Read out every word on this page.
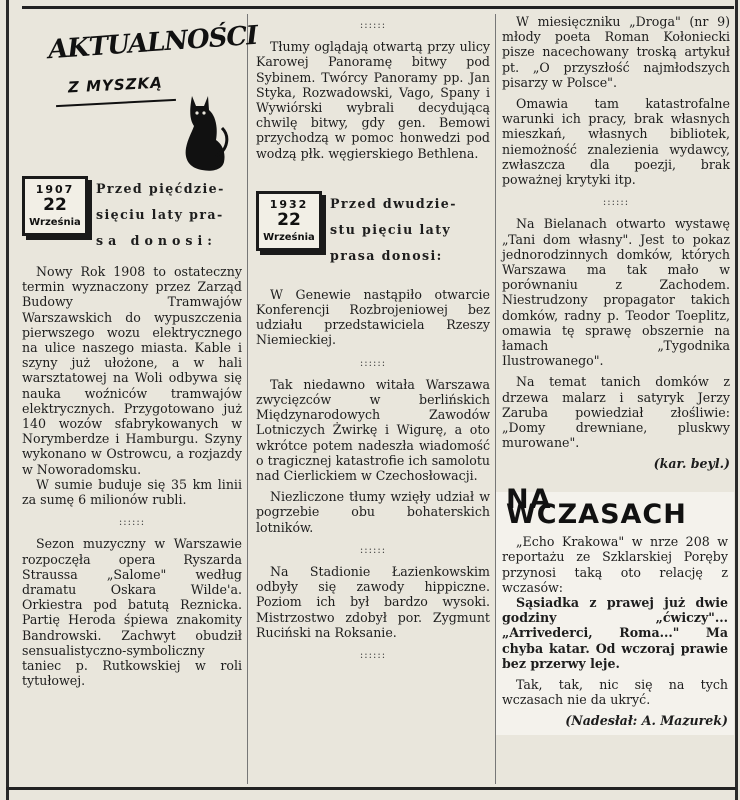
AKTUALNOŚCI
Z MYSZKĄ
1907
22
Września
Przed pięćdzie-
sięciu laty pra-
sa donosi:

Nowy Rok 1908 to ostateczny termin wyznaczony przez Zarząd Budowy Tramwajów Warszawskich do wypuszczenia pierwszego wozu elektrycznego na ulice naszego miasta. Kable i szyny już ułożone, a w hali warsztatowej na Woli odbywa się nauka woźniców tramwajów elektrycznych. Przygotowano już 140 wozów sfabrykowanych w Norymberdze i Hamburgu. Szyny wykonano w Ostrowcu, a rozjazdy w Noworadomsku.

W sumie buduje się 35 km linii za sumę 6 milionów rubli.

::::::

Sezon muzyczny w Warszawie rozpoczęła opera Ryszarda Straussa „Salome" według dramatu Oskara Wilde'a. Orkiestra pod batutą Reznicka. Partię Heroda śpiewa znakomity Bandrowski. Zachwyt obudził sensualistyczno-symboliczny taniec p. Rutkowskiej w roli tytułowej.

::::::

Tłumy oglądają otwartą przy ulicy Karowej Panoramę bitwy pod Sybinem. Twórcy Panoramy pp. Jan Styka, Rozwadowski, Vago, Spany i Wywiórski wybrali decydującą chwilę bitwy, gdy gen. Bemowi przychodzą w pomoc honwedzi pod wodzą płk. węgierskiego Bethlena.

1932
22
Września
Przed dwudzie-
stu pięciu laty
prasa donosi:

W Genewie nastąpiło otwarcie Konferencji Rozbrojeniowej bez udziału przedstawiciela Rzeszy Niemieckiej.

::::::

Tak niedawno witała Warszawa zwycięzców w berlińskich Międzynarodowych Zawodów Lotniczych Żwirkę i Wigurę, a oto wkrótce potem nadeszła wiadomość o tragicznej katastrofie ich samolotu nad Cierlickiem w Czechosłowacji.

Niezliczone tłumy wzięły udział w pogrzebie obu bohaterskich lotników.

::::::

Na Stadionie Łazienkowskim odbyły się zawody hippiczne. Poziom ich był bardzo wysoki. Mistrzostwo zdobył por. Zygmunt Ruciński na Roksanie.

::::::

W miesięczniku „Droga" (nr 9) młody poeta Roman Kołoniecki pisze nacechowany troską artykuł pt. „O przyszłość najmłodszych pisarzy w Polsce".

Omawia tam katastrofalne warunki ich pracy, brak własnych mieszkań, własnych bibliotek, niemożność znalezienia wydawcy, zwłaszcza dla poezji, brak poważnej krytyki itp.

::::::

Na Bielanach otwarto wystawę „Tani dom własny". Jest to pokaz jednorodzinnych domków, których Warszawa ma tak mało w porównaniu z Zachodem. Niestrudzony propagator takich domków, radny p. Teodor Toeplitz, omawia tę sprawę obszernie na łamach „Tygodnika Ilustrowanego".

Na temat tanich domków z drzewa malarz i satyryk Jerzy Zaruba powiedział złośliwie: „Domy drewniane, pluskwy murowane".

(kar. beyl.)

NA WCZASACH

„Echo Krakowa" w nrze 208 w reportażu ze Szklarskiej Poręby przynosi taką oto relację z wczasów:

Sąsiadka z prawej już dwie godziny „ćwiczy"... „Arrivederci, Roma..." Ma chyba katar. Od wczoraj prawie bez przerwy leje.

Tak, tak, nic się na tych wczasach nie da ukryć.

(Nadesłał: A. Mazurek)
